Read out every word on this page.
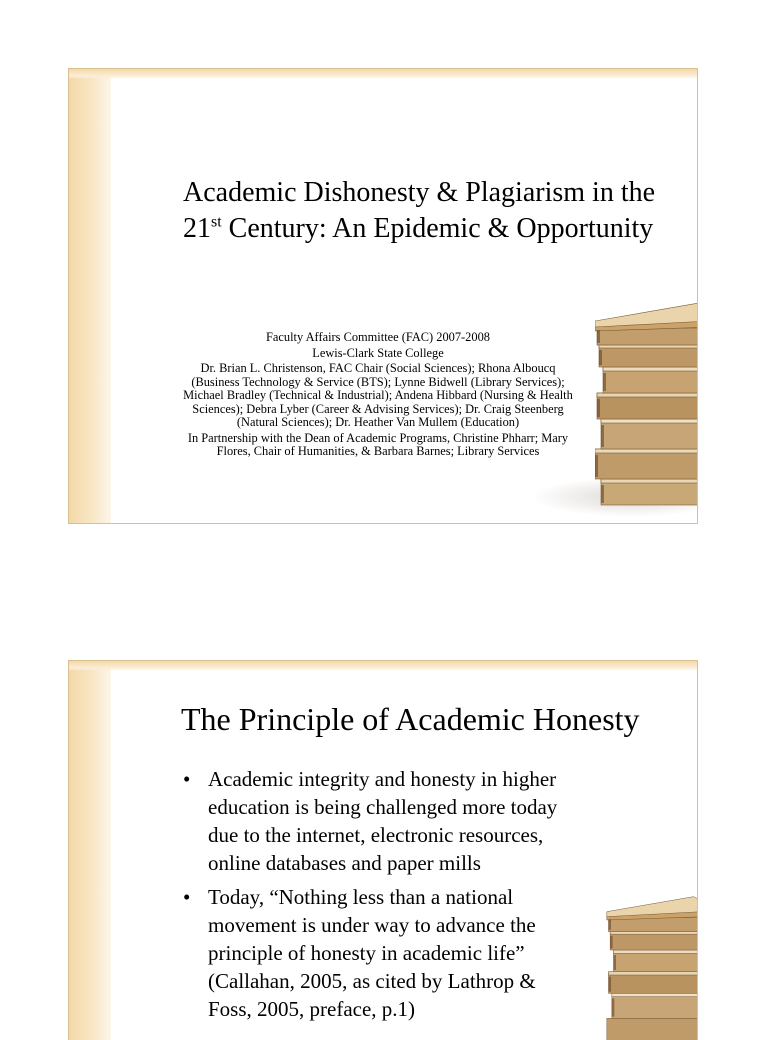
Academic Dishonesty & Plagiarism in the
21st Century: An Epidemic & Opportunity

Faculty Affairs Committee (FAC) 2007-2008

Lewis-Clark State College

Dr. Brian L. Christenson, FAC Chair (Social Sciences); Rhona Alboucq (Business Technology & Service (BTS); Lynne Bidwell (Library Services); Michael Bradley (Technical & Industrial); Andena Hibbard (Nursing & Health Sciences); Debra Lyber (Career & Advising Services); Dr. Craig Steenberg (Natural Sciences); Dr. Heather Van Mullem (Education)

In Partnership with the Dean of Academic Programs, Christine Phharr; Mary Flores, Chair of Humanities, & Barbara Barnes; Library Services

The Principle of Academic Honesty
• Academic integrity and honesty in higher education is being challenged more today due to the internet, electronic resources, online databases and paper mills
• Today, “Nothing less than a national movement is under way to advance the principle of honesty in academic life” (Callahan, 2005, as cited by Lathrop & Foss, 2005, preface, p.1)
